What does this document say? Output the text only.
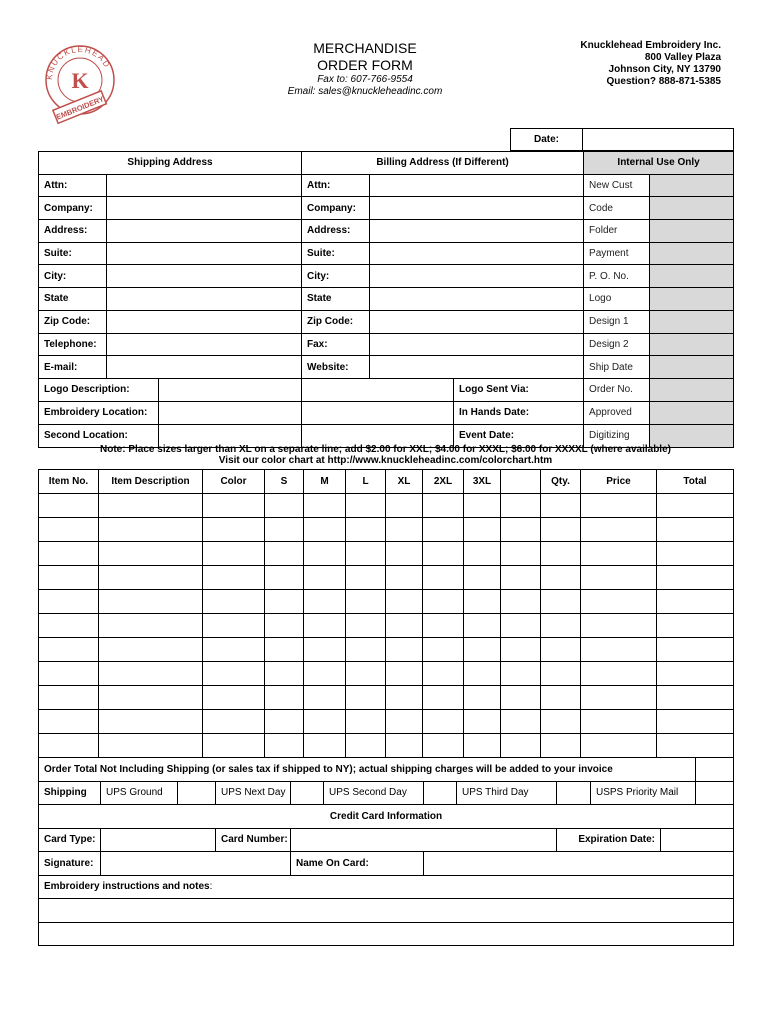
KNUCKLEHEAD
K
EMBROIDERY
MERCHANDISE
ORDER FORM
Fax to: 607-766-9554
Email: sales@knuckleheadinc.com
Knucklehead Embroidery Inc.
800 Valley Plaza
Johnson City, NY 13790
Question? 888-871-5385
Date:	
Shipping Address		Billing Address (If Different)			Internal Use Only	
Attn:		Attn:			New Cust	
Company:		Company:			Code	
Address:		Address:			Folder	
Suite:		Suite:			Payment	
City:		City:			P. O. No.	
State		State			Logo	
Zip Code:		Zip Code:			Design 1	
Telephone:		Fax:			Design 2	
E-mail:		Website:			Ship Date	

Logo Description:				Logo Sent Via:	Order No.	

Embroidery Location:				In Hands Date:	Approved	

Second Location:				Event Date:	Digitizing	
Note: Place sizes larger than XL on a separate line; add $2.00 for XXL; $4.00 for XXXL; $6.00 for XXXXL (where available)
Visit our color chart at http://www.knuckleheadinc.com/colorchart.htm
Item No.	Item Description	Color	S	M	L	XL	2XL	3XL		Qty.	Price	Total

Order Total Not Including Shipping (or sales tax if shipped to NY); actual shipping charges will be added to your invoice											
Shipping	UPS Ground		UPS Next Day		UPS Second Day		UPS Third Day		USPS Priority Mail		
Credit Card Information											
Card Type:			Card Number:					Expiration Date:			
Signature:				Name On Card:							
Embroidery instructions and notes:											
